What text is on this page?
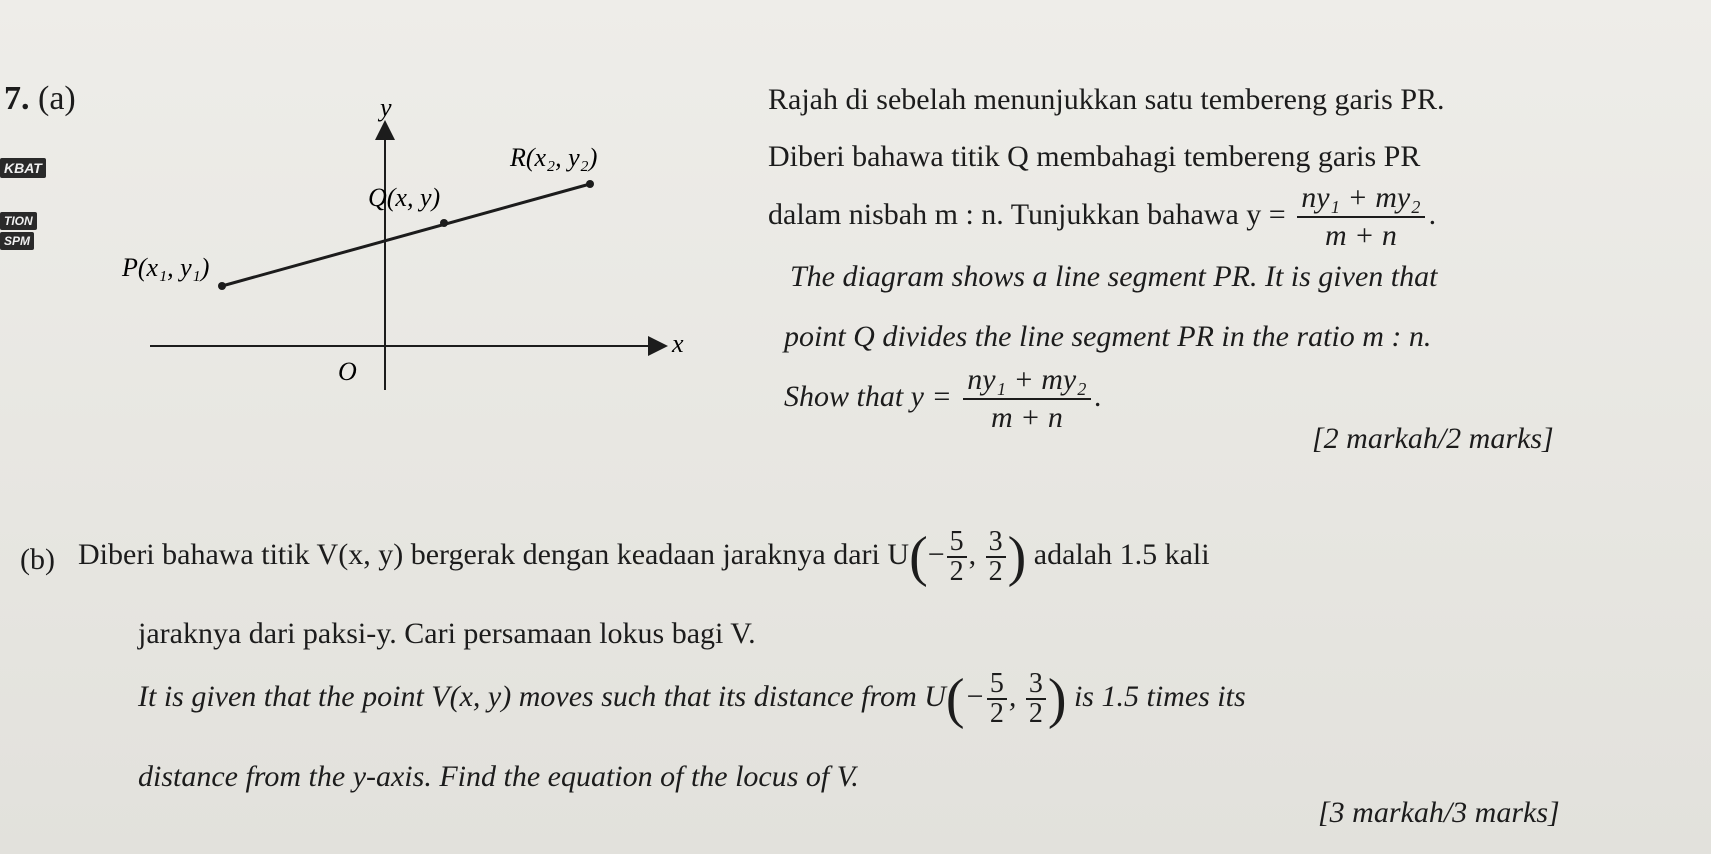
7. (a)
KBAT
TION
SPM
y
x
O
R(x₂, y₂)
Q(x, y)
P(x₁, y₁)
Rajah di sebelah menunjukkan satu tembereng garis PR.
Diberi bahawa titik Q membahagi tembereng garis PR
dalam nisbah m : n. Tunjukkan bahawa $y = \frac{\text{ny₁ + my₂}}{m + n}$ .
The diagram shows a line segment PR. It is given that
point Q divides the line segment PR in the ratio m : n.
Show that $y = \frac{\text{ny₁ + my₂}}{m + n}$ .
[2 markah/2 marks]
(b) Diberi bahawa titik V(x, y) bergerak dengan keadaan jaraknya dari $U(- \frac{5}{2}$ , $\frac{3}{2}$ ) adalah 1.5 kali
jaraknya dari paksi-y. Cari persamaan lokus bagi V.
It is given that the point V(x, y) moves such that its distance from $U(- \frac{5}{2}$ , $\frac{3}{2}$ ) is 1.5 times its
distance from the y-axis. Find the equation of the locus of V.
[3 markah/3 marks]
